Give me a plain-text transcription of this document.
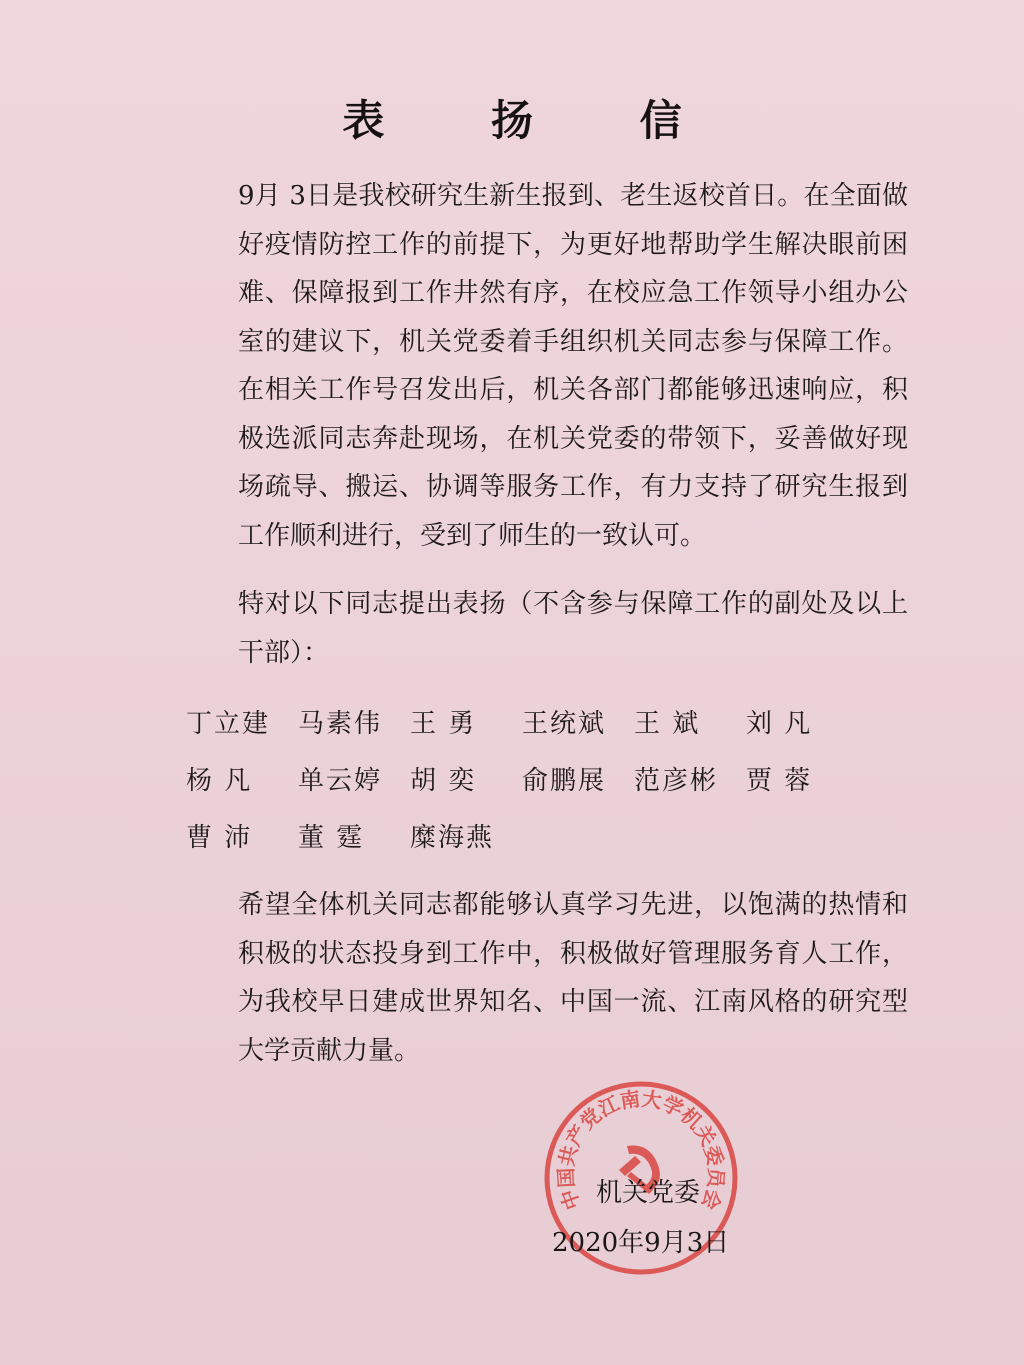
表 扬 信
9月 3日是我校研究生新生报到、老生返校首日。在全面做好疫情防控工作的前提下，为更好地帮助学生解决眼前困难、保障报到工作井然有序，在校应急工作领导小组办公室的建议下，机关党委着手组织机关同志参与保障工作。在相关工作号召发出后，机关各部门都能够迅速响应，积极选派同志奔赴现场，在机关党委的带领下，妥善做好现场疏导、搬运、协调等服务工作，有力支持了研究生报到工作顺利进行，受到了师生的一致认可。
特对以下同志提出表扬（不含参与保障工作的副处及以上干部）：
丁立建	马素伟	王 勇	王统斌	王 斌	刘 凡
杨 凡	单云婷	胡 奕	俞鹏展	范彦彬	贾 蓉
曹 沛	董 霆	糜海燕
希望全体机关同志都能够认真学习先进，以饱满的热情和积极的状态投身到工作中，积极做好管理服务育人工作，为我校早日建成世界知名、中国一流、江南风格的研究型大学贡献力量。
中国共产党江南大学机关委员会
机关党委
2020年9月3日
